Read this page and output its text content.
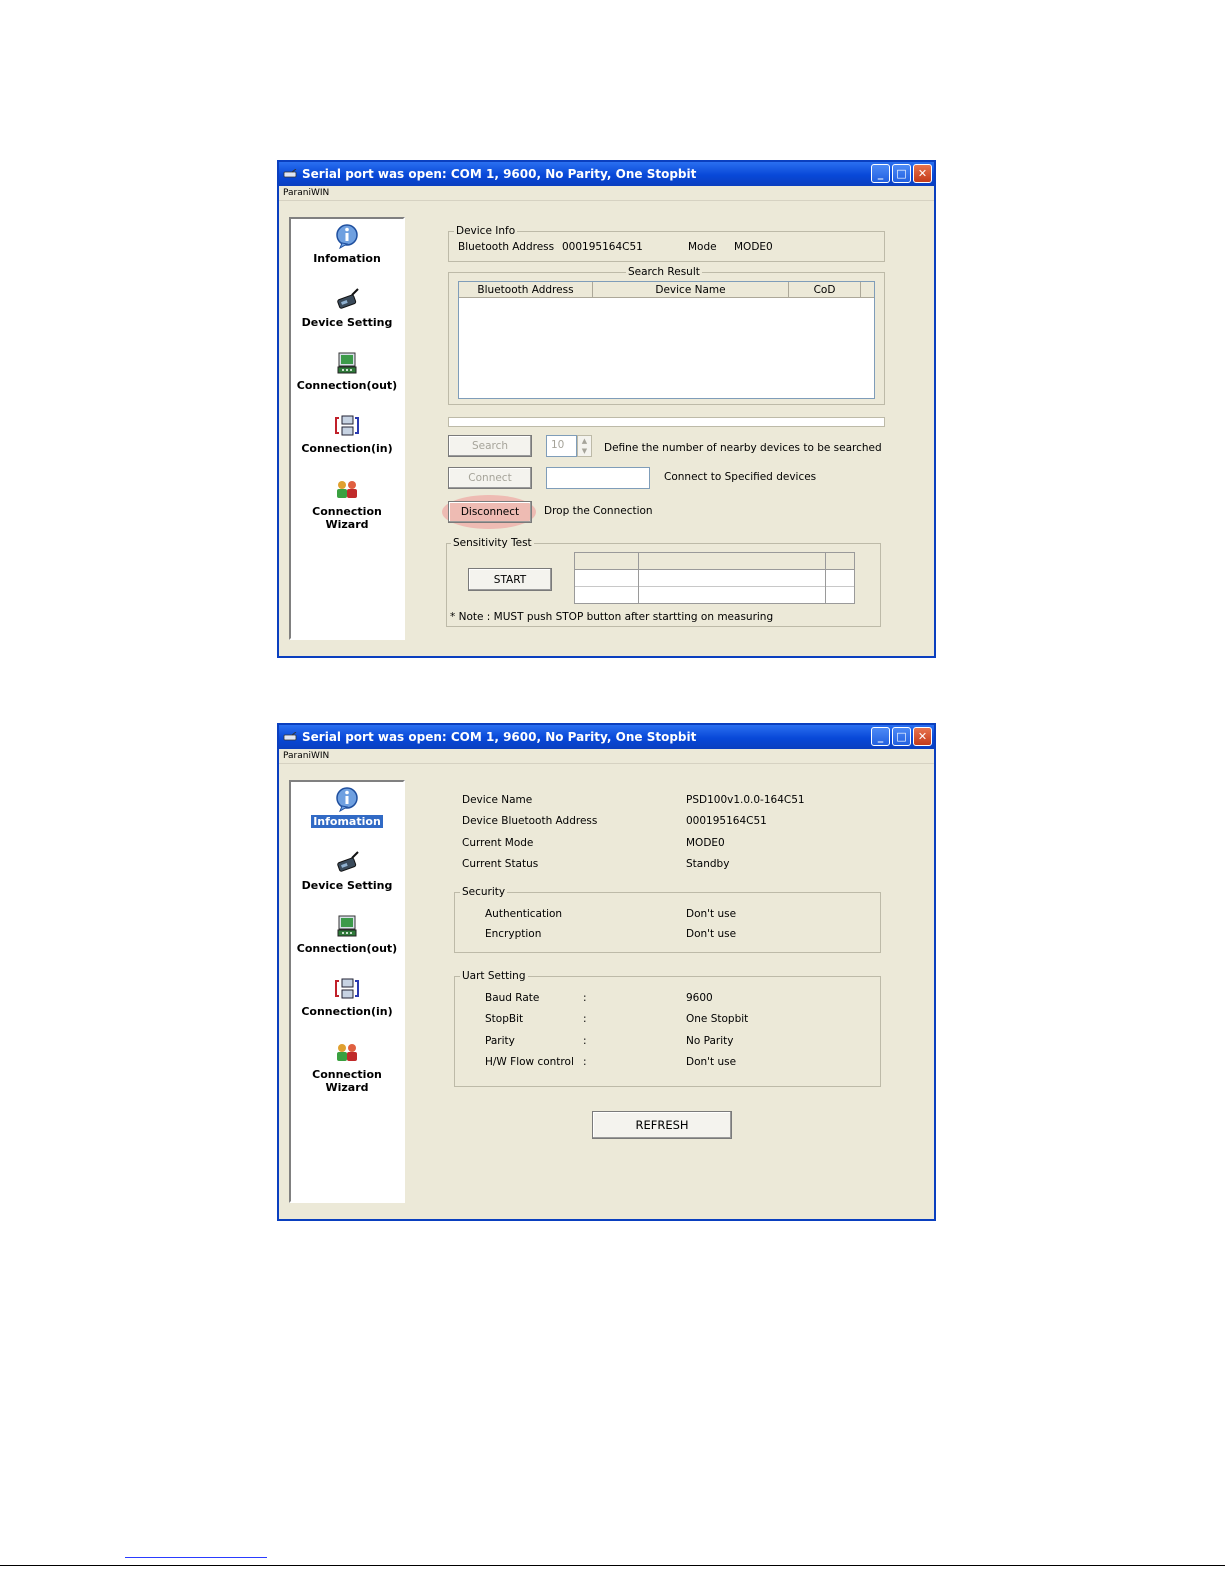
Serial port was open: COM 1, 9600, No Parity, One Stopbit	_ □ ✕
ParaniWIN
Infomation
Device Setting
Connection(out)
Connection(in)
Connection Wizard
Device Info
Bluetooth Address 000195164C51	Mode MODE0
Search Result
Bluetooth Address	Device Name	CoD
Search	10	▲
▼	Define the number of nearby devices to be searched
Connect	Connect to Specified devices
Disconnect	Drop the Connection
Sensitivity Test
START
* Note : MUST push STOP button after startting on measuring
Serial port was open: COM 1, 9600, No Parity, One Stopbit	_ □ ✕
ParaniWIN
Infomation
Device Setting
Connection(out)
Connection(in)
Connection Wizard
Device Name	PSD100v1.0.0-164C51
Device Bluetooth Address	000195164C51
Current Mode	MODE0
Current Status	Standby
Security
Authentication	Don't use
Encryption	Don't use
Uart Setting
Baud Rate	:	9600
StopBit	:	One Stopbit
Parity	:	No Parity
H/W Flow control :	Don't use
REFRESH
